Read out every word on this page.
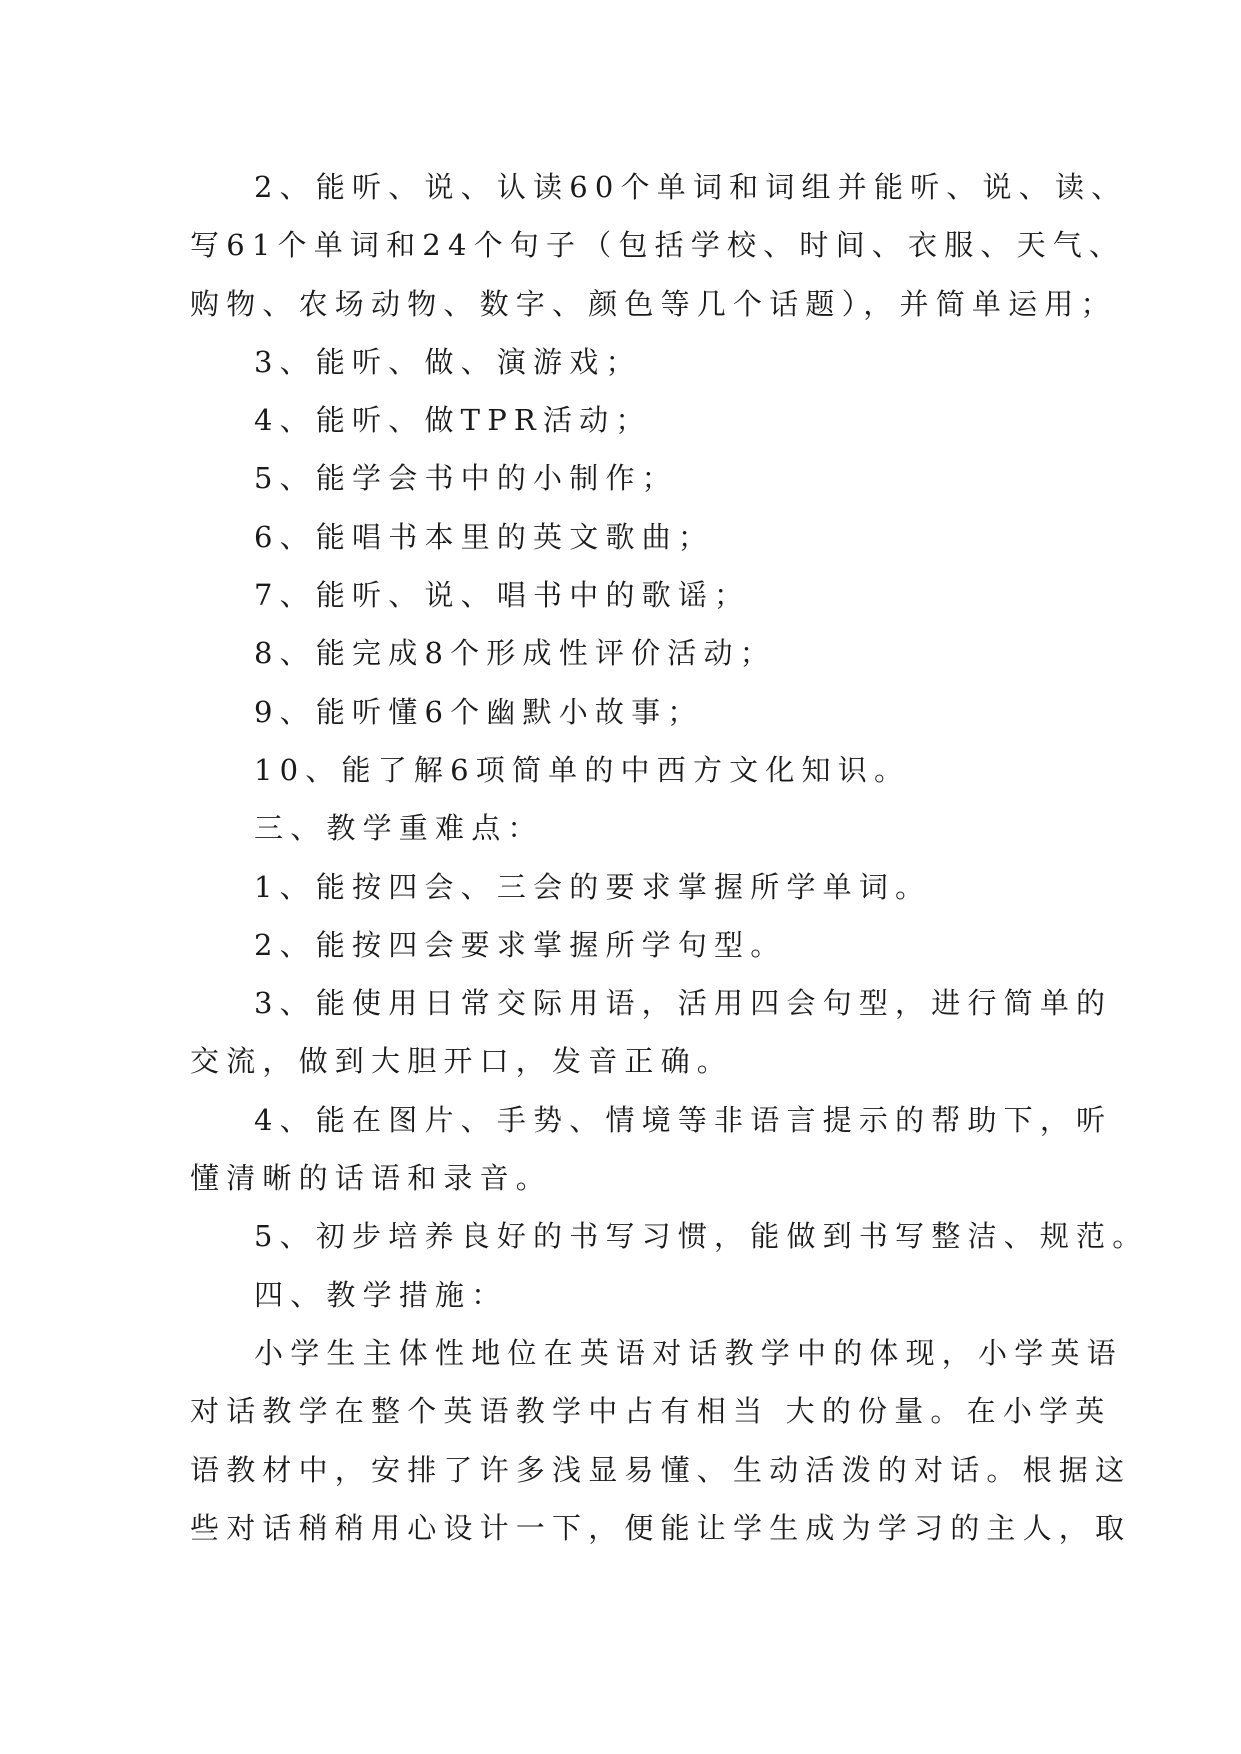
2、能听、说、认读60个单词和词组并能听、说、读、
写61个单词和24个句子（包括学校、时间、衣服、天气、
购物、农场动物、数字、颜色等几个话题），并简单运用；
3、能听、做、演游戏；
4、能听、做TPR活动；
5、能学会书中的小制作；
6、能唱书本里的英文歌曲；
7、能听、说、唱书中的歌谣；
8、能完成8个形成性评价活动；
9、能听懂6个幽默小故事；
10、能了解6项简单的中西方文化知识。
三、教学重难点：
1、能按四会、三会的要求掌握所学单词。
2、能按四会要求掌握所学句型。
3、能使用日常交际用语，活用四会句型，进行简单的
交流，做到大胆开口，发音正确。
4、能在图片、手势、情境等非语言提示的帮助下，听
懂清晰的话语和录音。
5、初步培养良好的书写习惯，能做到书写整洁、规范。
四、教学措施：
小学生主体性地位在英语对话教学中的体现，小学英语
对话教学在整个英语教学中占有相当 大的份量。在小学英
语教材中，安排了许多浅显易懂、生动活泼的对话。根据这
些对话稍稍用心设计一下，便能让学生成为学习的主人，取
